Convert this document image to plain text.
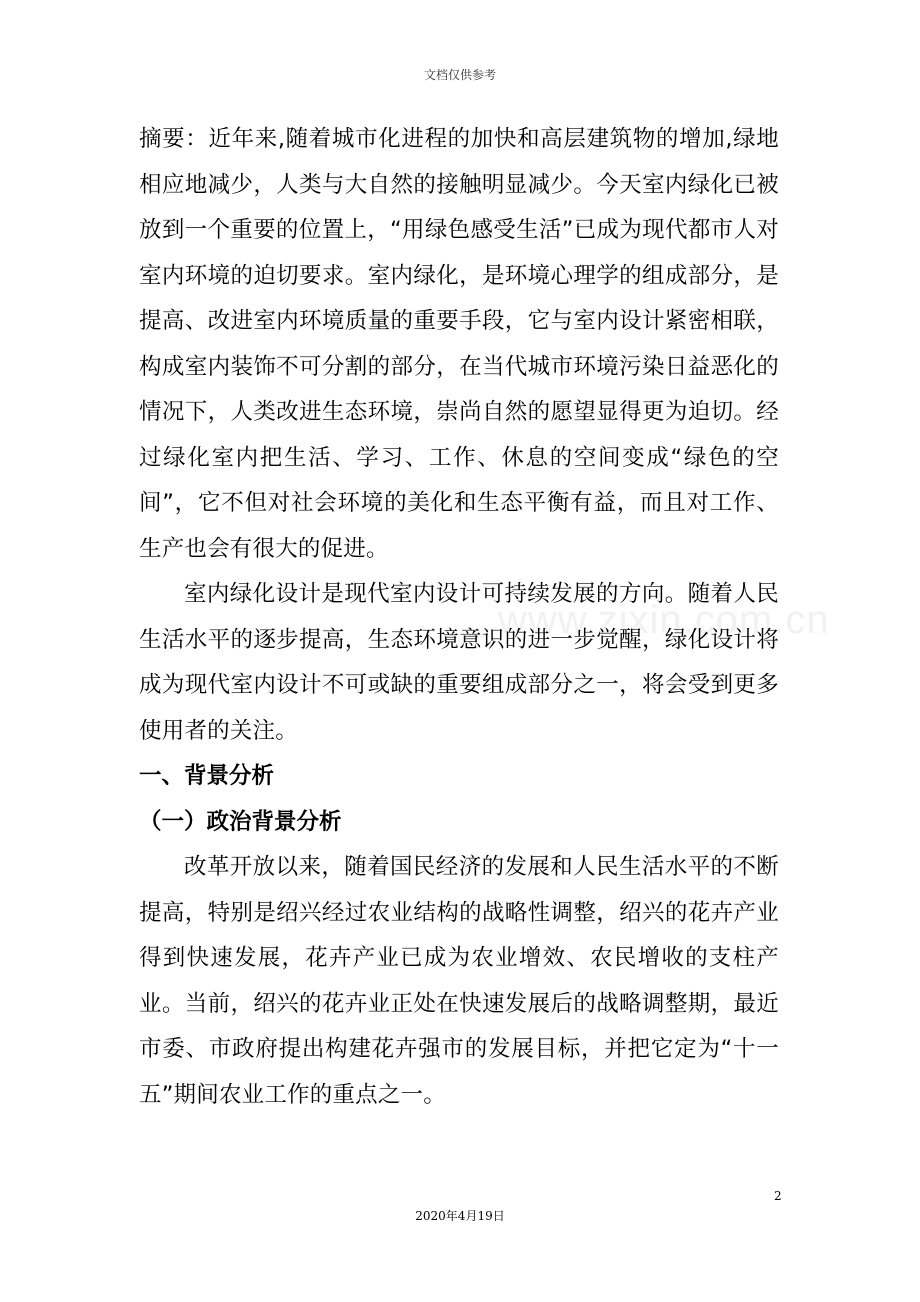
文档仅供参考
www.zixin.com.cn

摘要：近年来,随着城市化进程的加快和高层建筑物的增加,绿地相应地减少，人类与大自然的接触明显减少。今天室内绿化已被放到一个重要的位置上，“用绿色感受生活”已成为现代都市人对室内环境的迫切要求。室内绿化，是环境心理学的组成部分，是提高、改进室内环境质量的重要手段，它与室内设计紧密相联，构成室内装饰不可分割的部分，在当代城市环境污染日益恶化的情况下，人类改进生态环境，崇尚自然的愿望显得更为迫切。经过绿化室内把生活、学习、工作、休息的空间变成“绿色的空间”，它不但对社会环境的美化和生态平衡有益，而且对工作、生产也会有很大的促进。

室内绿化设计是现代室内设计可持续发展的方向。随着人民生活水平的逐步提高，生态环境意识的进一步觉醒，绿化设计将成为现代室内设计不可或缺的重要组成部分之一，将会受到更多使用者的关注。

一、背景分析

（一）政治背景分析

改革开放以来，随着国民经济的发展和人民生活水平的不断提高，特别是绍兴经过农业结构的战略性调整，绍兴的花卉产业得到快速发展，花卉产业已成为农业增效、农民增收的支柱产业。当前，绍兴的花卉业正处在快速发展后的战略调整期，最近市委、市政府提出构建花卉强市的发展目标，并把它定为“十一五”期间农业工作的重点之一。

2
2020年4月19日
